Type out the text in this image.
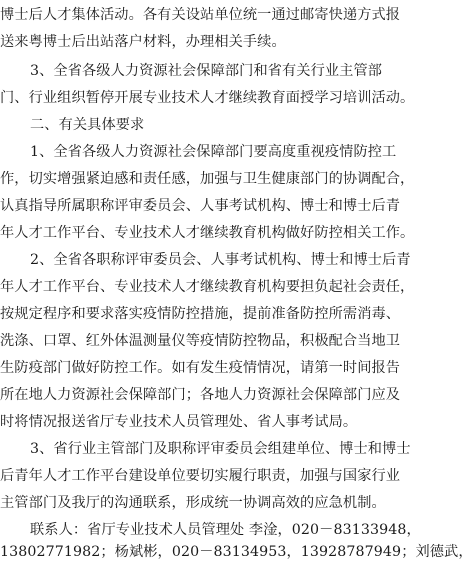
博士后人才集体活动。各有关设站单位统一通过邮寄快递方式报
送来粤博士后出站落户材料，办理相关手续。
3、全省各级人力资源社会保障部门和省有关行业主管部
门、行业组织暂停开展专业技术人才继续教育面授学习培训活动。
二、有关具体要求
1、全省各级人力资源社会保障部门要高度重视疫情防控工
作，切实增强紧迫感和责任感，加强与卫生健康部门的协调配合，
认真指导所属职称评审委员会、人事考试机构、博士和博士后青
年人才工作平台、专业技术人才继续教育机构做好防控相关工作。
2、全省各职称评审委员会、人事考试机构、博士和博士后青
年人才工作平台、专业技术人才继续教育机构要担负起社会责任，
按规定程序和要求落实疫情防控措施，提前准备防控所需消毒、
洗涤、口罩、红外体温测量仪等疫情防控物品，积极配合当地卫
生防疫部门做好防控工作。如有发生疫情情况，请第一时间报告
所在地人力资源社会保障部门；各地人力资源社会保障部门应及
时将情况报送省厅专业技术人员管理处、省人事考试局。
3、省行业主管部门及职称评审委员会组建单位、博士和博士
后青年人才工作平台建设单位要切实履行职责，加强与国家行业
主管部门及我厅的沟通联系，形成统一协调高效的应急机制。
联系人：省厅专业技术人员管理处 李淦，020－83133948，
13802771982；杨斌彬，020－83134953，13928787949；刘德武，
